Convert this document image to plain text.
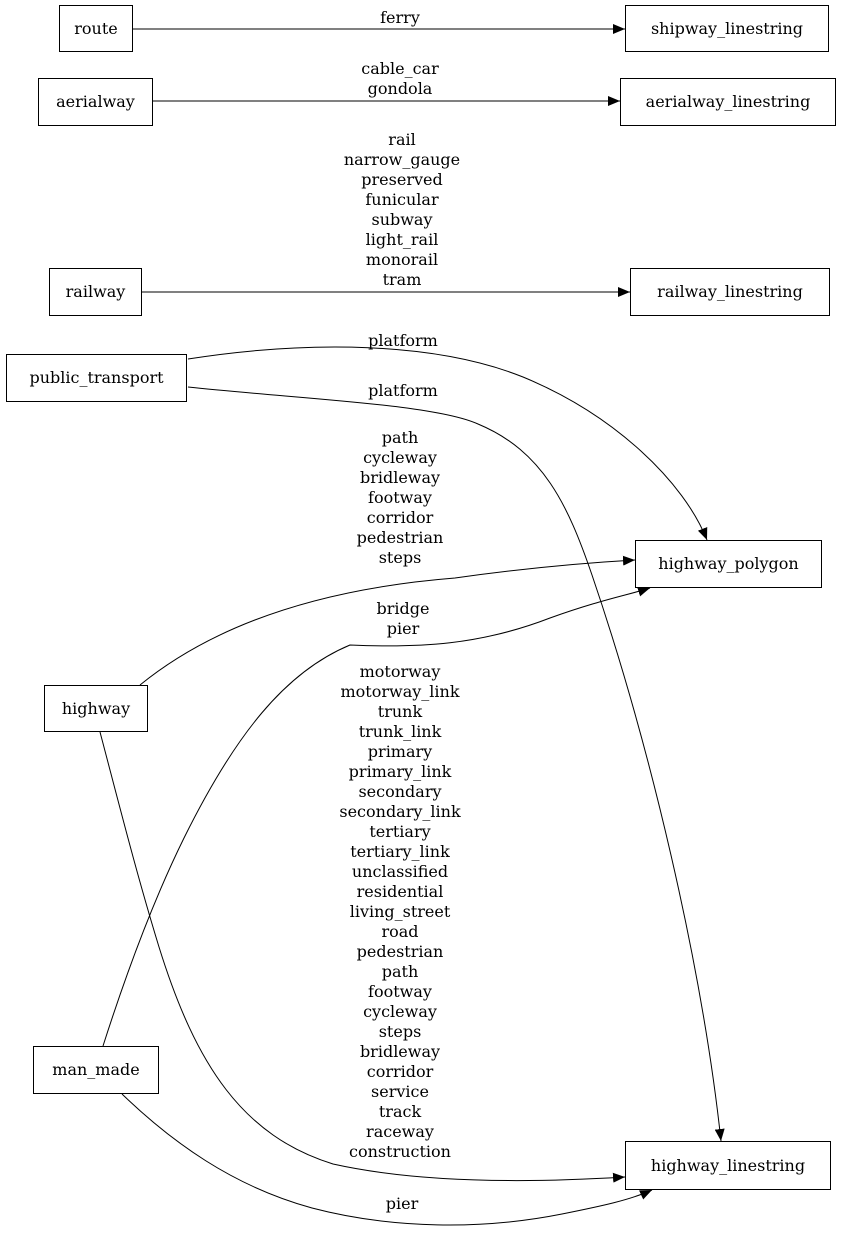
ferry
cable_car
gondola
rail
narrow_gauge
preserved
funicular
subway
light_rail
monorail
tram
platform
platform
path
cycleway
bridleway
footway
corridor
pedestrian
steps
bridge
pier
motorway
motorway_link
trunk
trunk_link
primary
primary_link
secondary
secondary_link
tertiary
tertiary_link
unclassified
residential
living_street
road
pedestrian
path
footway
cycleway
steps
bridleway
corridor
service
track
raceway
construction
pier
route	shipway_linestring
aerialway	aerialway_linestring
railway	railway_linestring
public_transport
highway_polygon
highway
man_made
highway_linestring
